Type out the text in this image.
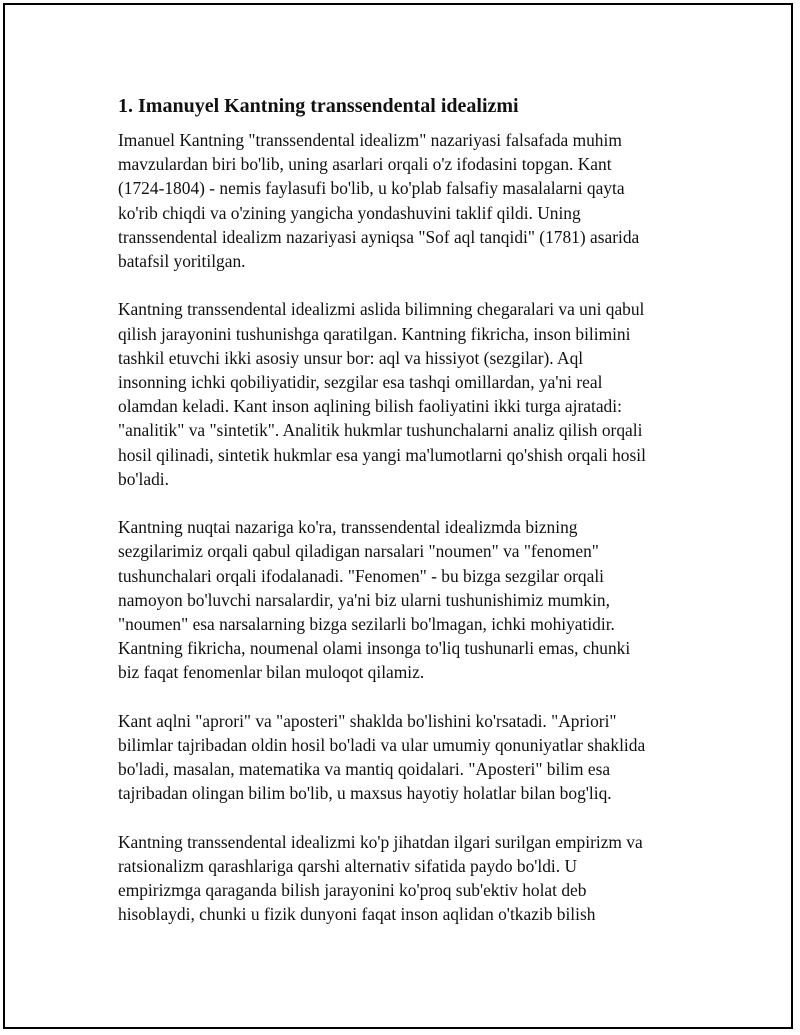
1. Imanuyel Kantning transsendental idealizmi
Imanuel Kantning "transsendental idealizm" nazariyasi falsafada muhim
mavzulardan biri bo'lib, uning asarlari orqali o'z ifodasini topgan. Kant
(1724-1804) - nemis faylasufi bo'lib, u ko'plab falsafiy masalalarni qayta
ko'rib chiqdi va o'zining yangicha yondashuvini taklif qildi. Uning
transsendental idealizm nazariyasi ayniqsa "Sof aql tanqidi" (1781) asarida
batafsil yoritilgan.
Kantning transsendental idealizmi aslida bilimning chegaralari va uni qabul
qilish jarayonini tushunishga qaratilgan. Kantning fikricha, inson bilimini
tashkil etuvchi ikki asosiy unsur bor: aql va hissiyot (sezgilar). Aql
insonning ichki qobiliyatidir, sezgilar esa tashqi omillardan, ya'ni real
olamdan keladi. Kant inson aqlining bilish faoliyatini ikki turga ajratadi:
"analitik" va "sintetik". Analitik hukmlar tushunchalarni analiz qilish orqali
hosil qilinadi, sintetik hukmlar esa yangi ma'lumotlarni qo'shish orqali hosil
bo'ladi.
Kantning nuqtai nazariga ko'ra, transsendental idealizmda bizning
sezgilarimiz orqali qabul qiladigan narsalari "noumen" va "fenomen"
tushunchalari orqali ifodalanadi. "Fenomen" - bu bizga sezgilar orqali
namoyon bo'luvchi narsalardir, ya'ni biz ularni tushunishimiz mumkin,
"noumen" esa narsalarning bizga sezilarli bo'lmagan, ichki mohiyatidir.
Kantning fikricha, noumenal olami insonga to'liq tushunarli emas, chunki
biz faqat fenomenlar bilan muloqot qilamiz.
Kant aqlni "aprori" va "aposteri" shaklda bo'lishini ko'rsatadi. "Apriori"
bilimlar tajribadan oldin hosil bo'ladi va ular umumiy qonuniyatlar shaklida
bo'ladi, masalan, matematika va mantiq qoidalari. "Aposteri" bilim esa
tajribadan olingan bilim bo'lib, u maxsus hayotiy holatlar bilan bog'liq.
Kantning transsendental idealizmi ko'p jihatdan ilgari surilgan empirizm va
ratsionalizm qarashlariga qarshi alternativ sifatida paydo bo'ldi. U
empirizmga qaraganda bilish jarayonini ko'proq sub'ektiv holat deb
hisoblaydi, chunki u fizik dunyoni faqat inson aqlidan o'tkazib bilish
